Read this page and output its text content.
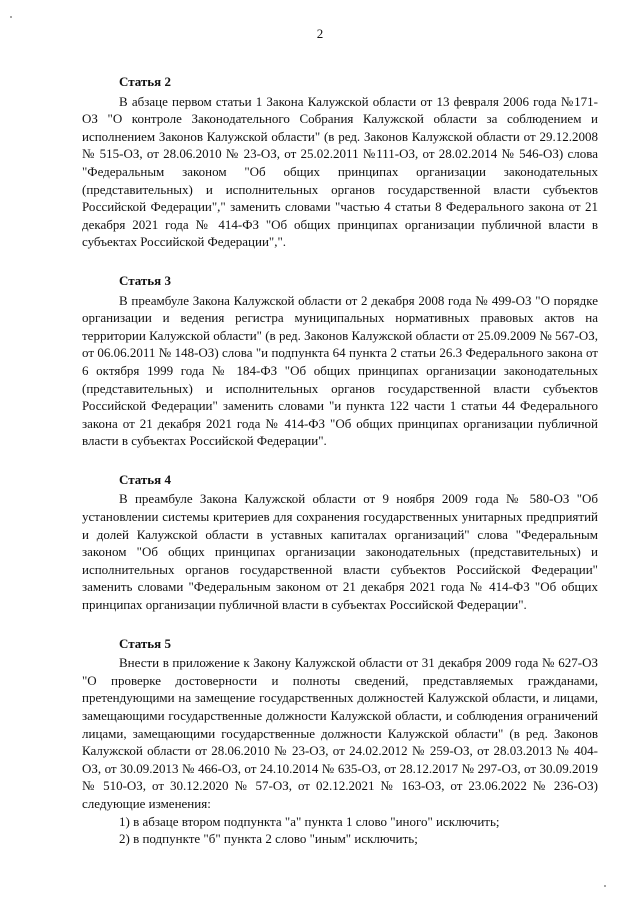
2
Статья 2

В абзаце первом статьи 1 Закона Калужской области от 13 февраля 2006 года №171-ОЗ "О контроле Законодательного Собрания Калужской области за соблюдением и исполнением Законов Калужской области" (в ред. Законов Калужской области от 29.12.2008 № 515-ОЗ, от 28.06.2010 № 23-ОЗ, от 25.02.2011 №111-ОЗ, от 28.02.2014 № 546-ОЗ) слова "Федеральным законом "Об общих принципах организации законодательных (представительных) и исполнительных органов государственной власти субъектов Российской Федерации"," заменить словами "частью 4 статьи 8 Федерального закона от 21 декабря 2021 года № 414-ФЗ "Об общих принципах организации публичной власти в субъектах Российской Федерации",".

Статья 3

В преамбуле Закона Калужской области от 2 декабря 2008 года № 499-ОЗ "О порядке организации и ведения регистра муниципальных нормативных правовых актов на территории Калужской области" (в ред. Законов Калужской области от 25.09.2009 № 567-ОЗ, от 06.06.2011 № 148-ОЗ) слова "и подпункта 64 пункта 2 статьи 26.3 Федерального закона от 6 октября 1999 года № 184-ФЗ "Об общих принципах организации законодательных (представительных) и исполнительных органов государственной власти субъектов Российской Федерации" заменить словами "и пункта 122 части 1 статьи 44 Федерального закона от 21 декабря 2021 года № 414-ФЗ "Об общих принципах организации публичной власти в субъектах Российской Федерации".

Статья 4

В преамбуле Закона Калужской области от 9 ноября 2009 года № 580-ОЗ "Об установлении системы критериев для сохранения государственных унитарных предприятий и долей Калужской области в уставных капиталах организаций" слова "Федеральным законом "Об общих принципах организации законодательных (представительных) и исполнительных органов государственной власти субъектов Российской Федерации" заменить словами "Федеральным законом от 21 декабря 2021 года № 414-ФЗ "Об общих принципах организации публичной власти в субъектах Российской Федерации".

Статья 5

Внести в приложение к Закону Калужской области от 31 декабря 2009 года № 627-ОЗ "О проверке достоверности и полноты сведений, представляемых гражданами, претендующими на замещение государственных должностей Калужской области, и лицами, замещающими государственные должности Калужской области, и соблюдения ограничений лицами, замещающими государственные должности Калужской области" (в ред. Законов Калужской области от 28.06.2010 № 23-ОЗ, от 24.02.2012 № 259-ОЗ, от 28.03.2013 № 404-ОЗ, от 30.09.2013 № 466-ОЗ, от 24.10.2014 № 635-ОЗ, от 28.12.2017 № 297-ОЗ, от 30.09.2019 № 510-ОЗ, от 30.12.2020 № 57-ОЗ, от 02.12.2021 № 163-ОЗ, от 23.06.2022 № 236-ОЗ) следующие изменения:

1) в абзаце втором подпункта "а" пункта 1 слово "иного" исключить;

2) в подпункте "б" пункта 2 слово "иным" исключить;
